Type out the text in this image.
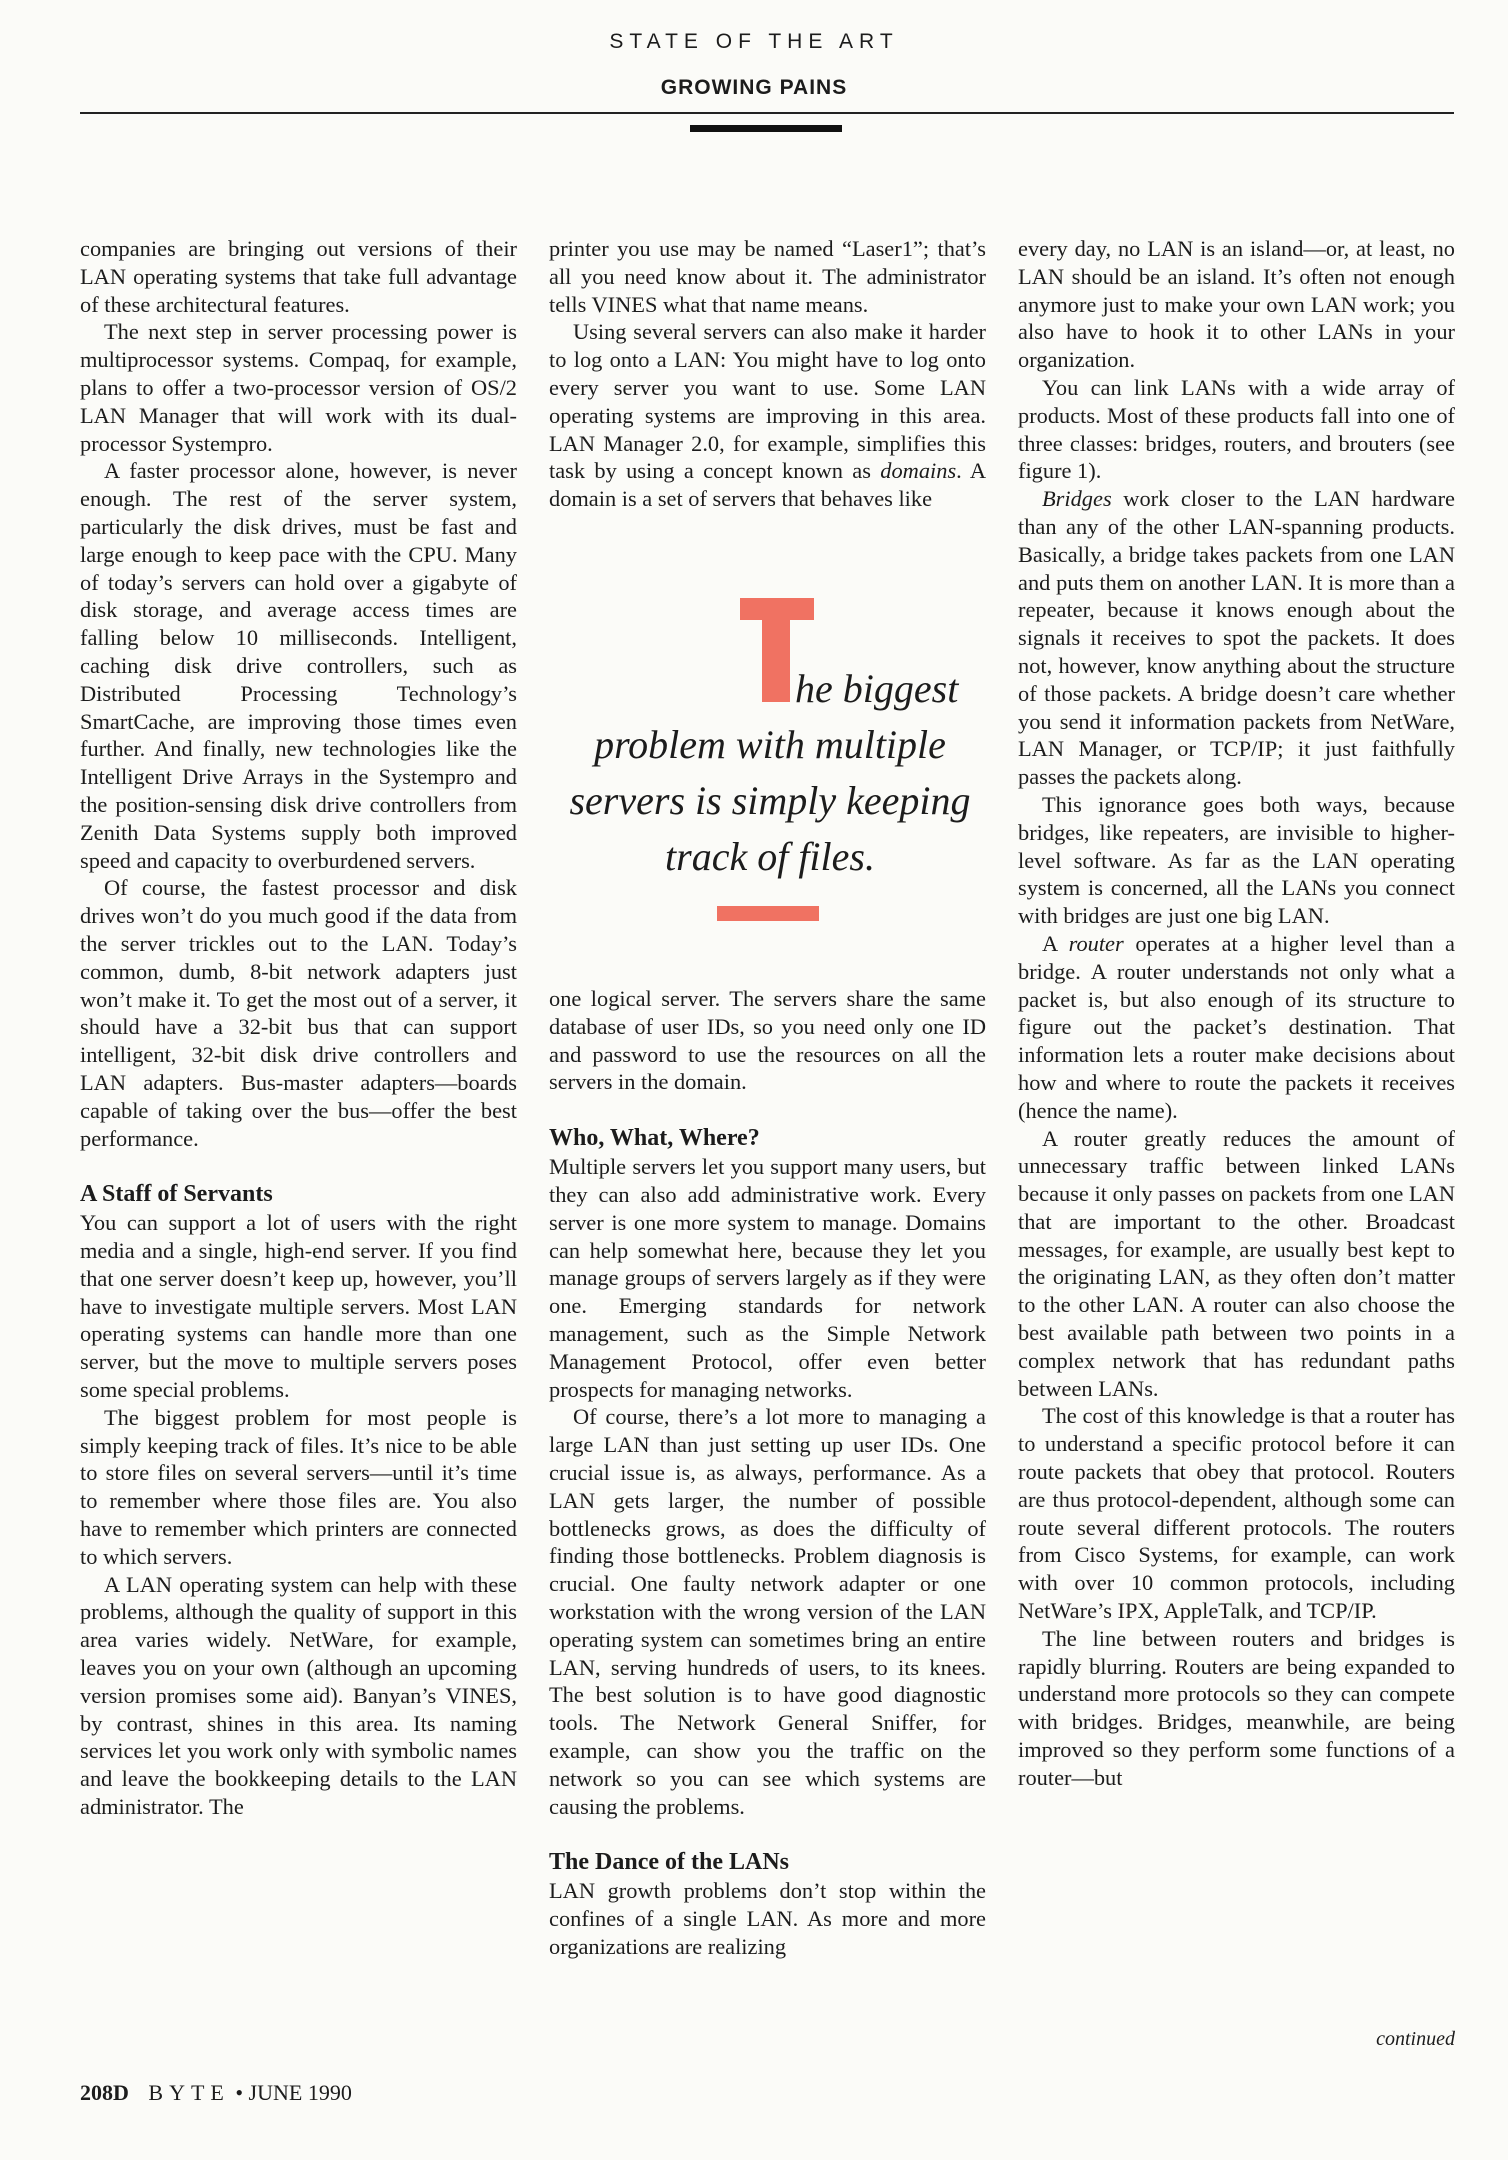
STATE OF THE ART
GROWING PAINS

companies are bringing out versions of their LAN operating systems that take full advantage of these architectural features.

The next step in server processing power is multiprocessor systems. Compaq, for example, plans to offer a two-processor version of OS/2 LAN Manager that will work with its dual-processor Systempro.

A faster processor alone, however, is never enough. The rest of the server system, particularly the disk drives, must be fast and large enough to keep pace with the CPU. Many of today’s servers can hold over a gigabyte of disk storage, and average access times are falling below 10 milliseconds. Intelligent, caching disk drive controllers, such as Distributed Processing Technology’s SmartCache, are improving those times even further. And finally, new technologies like the Intelligent Drive Arrays in the Systempro and the position-sensing disk drive controllers from Zenith Data Systems supply both improved speed and capacity to overburdened servers.

Of course, the fastest processor and disk drives won’t do you much good if the data from the server trickles out to the LAN. Today’s common, dumb, 8-bit network adapters just won’t make it. To get the most out of a server, it should have a 32-bit bus that can support intelligent, 32-bit disk drive controllers and LAN adapters. Bus-master adapters—boards capable of taking over the bus—offer the best performance.

A Staff of Servants

You can support a lot of users with the right media and a single, high-end server. If you find that one server doesn’t keep up, however, you’ll have to investigate multiple servers. Most LAN operating systems can handle more than one server, but the move to multiple servers poses some special problems.

The biggest problem for most people is simply keeping track of files. It’s nice to be able to store files on several servers—until it’s time to remember where those files are. You also have to remember which printers are connected to which servers.

A LAN operating system can help with these problems, although the quality of support in this area varies widely. NetWare, for example, leaves you on your own (although an upcoming version promises some aid). Banyan’s VINES, by contrast, shines in this area. Its naming services let you work only with symbolic names and leave the bookkeeping details to the LAN administrator. The

printer you use may be named “Laser1”; that’s all you need know about it. The administrator tells VINES what that name means.

Using several servers can also make it harder to log onto a LAN: You might have to log onto every server you want to use. Some LAN operating systems are improving in this area. LAN Manager 2.0, for example, simplifies this task by using a concept known as domains. A domain is a set of servers that behaves like

he biggest
problem with multiple servers is simply keeping track of files.

one logical server. The servers share the same database of user IDs, so you need only one ID and password to use the resources on all the servers in the domain.

Who, What, Where?

Multiple servers let you support many users, but they can also add administrative work. Every server is one more system to manage. Domains can help somewhat here, because they let you manage groups of servers largely as if they were one. Emerging standards for network management, such as the Simple Network Management Protocol, offer even better prospects for managing networks.

Of course, there’s a lot more to managing a large LAN than just setting up user IDs. One crucial issue is, as always, performance. As a LAN gets larger, the number of possible bottlenecks grows, as does the difficulty of finding those bottlenecks. Problem diagnosis is crucial. One faulty network adapter or one workstation with the wrong version of the LAN operating system can sometimes bring an entire LAN, serving hundreds of users, to its knees. The best solution is to have good diagnostic tools. The Network General Sniffer, for example, can show you the traffic on the network so you can see which systems are causing the problems.

The Dance of the LANs

LAN growth problems don’t stop within the confines of a single LAN. As more and more organizations are realizing

every day, no LAN is an island—or, at least, no LAN should be an island. It’s often not enough anymore just to make your own LAN work; you also have to hook it to other LANs in your organization.

You can link LANs with a wide array of products. Most of these products fall into one of three classes: bridges, routers, and brouters (see figure 1).

Bridges work closer to the LAN hardware than any of the other LAN-spanning products. Basically, a bridge takes packets from one LAN and puts them on another LAN. It is more than a repeater, because it knows enough about the signals it receives to spot the packets. It does not, however, know anything about the structure of those packets. A bridge doesn’t care whether you send it information packets from NetWare, LAN Manager, or TCP/IP; it just faithfully passes the packets along.

This ignorance goes both ways, because bridges, like repeaters, are invisible to higher-level software. As far as the LAN operating system is concerned, all the LANs you connect with bridges are just one big LAN.

A router operates at a higher level than a bridge. A router understands not only what a packet is, but also enough of its structure to figure out the packet’s destination. That information lets a router make decisions about how and where to route the packets it receives (hence the name).

A router greatly reduces the amount of unnecessary traffic between linked LANs because it only passes on packets from one LAN that are important to the other. Broadcast messages, for example, are usually best kept to the originating LAN, as they often don’t matter to the other LAN. A router can also choose the best available path between two points in a complex network that has redundant paths between LANs.

The cost of this knowledge is that a router has to understand a specific protocol before it can route packets that obey that protocol. Routers are thus protocol-dependent, although some can route several different protocols. The routers from Cisco Systems, for example, can work with over 10 common protocols, including NetWare’s IPX, AppleTalk, and TCP/IP.

The line between routers and bridges is rapidly blurring. Routers are being expanded to understand more protocols so they can compete with bridges. Bridges, meanwhile, are being improved so they perform some functions of a router—but

continued
208D BYTE • JUNE 1990
